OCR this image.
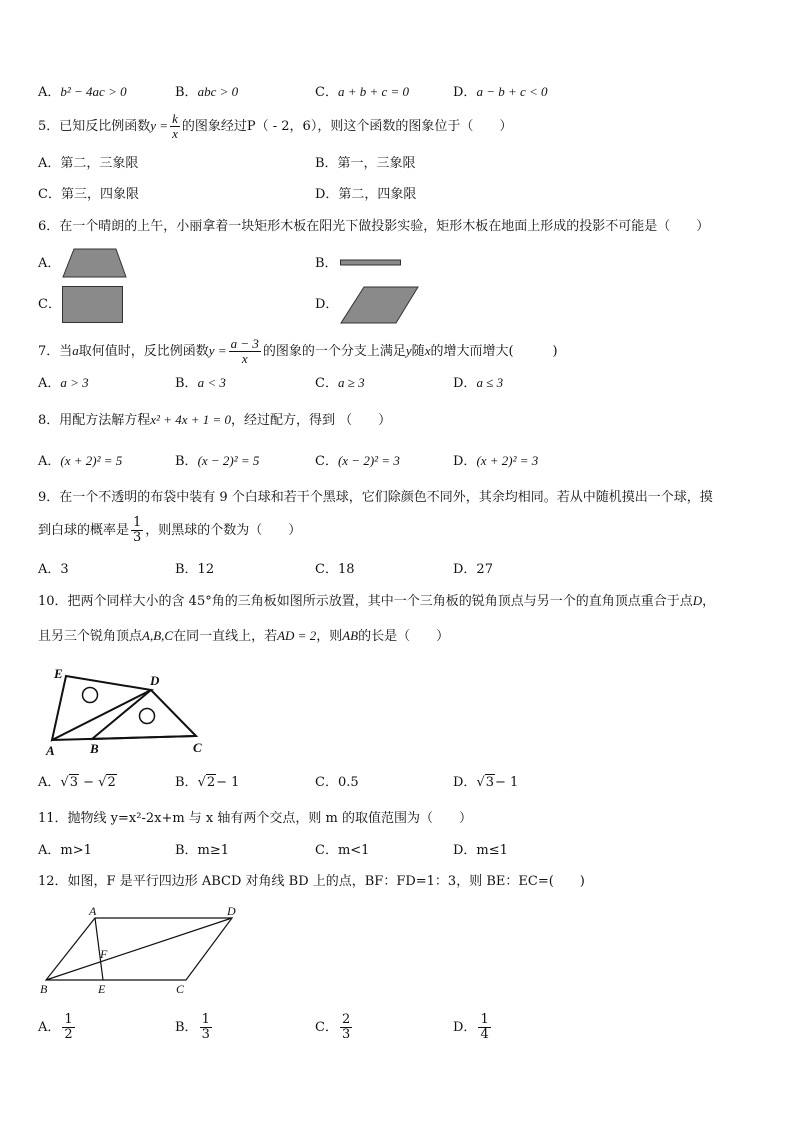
A．b² − 4ac > 0	B．abc > 0	C．a + b + c = 0	D．a − b + c < 0
5．已知反比例函数$y = \frac{k}{x}$ 的图象经过P（ - 2，6），则这个函数的图象位于（　　）
A．第二，三象限	B．第一，三象限
C．第三，四象限	D．第二，四象限
6．在一个晴朗的上午，小丽拿着一块矩形木板在阳光下做投影实验，矩形木板在地面上形成的投影不可能是（　　）
A．	B．
C．	D．
7．当a取何值时，反比例函数$y = \frac{a - 3}{x}$ 的图象的一个分支上满足y随x的增大而增大(　　　)
A．a > 3	B．a < 3	C．a ≥ 3	D．a ≤ 3
8．用配方法解方程x² + 4x + 1 = 0，经过配方，得到 （　　）
A．(x + 2)² = 5	B．(x − 2)² = 5	C．(x − 2)² = 3	D．(x + 2)² = 3
9．在一个不透明的布袋中装有 9 个白球和若干个黑球，它们除颜色不同外，其余均相同。若从中随机摸出一个球，摸
到白球的概率是 $\frac{1}{3}$ ，则黑球的个数为（　　）
A．3	B．12	C．18	D．27
10．把两个同样大小的含 45°角的三角板如图所示放置，其中一个三角板的锐角顶点与另一个的直角顶点重合于点D，
且另三个锐角顶点A,B,C在同一直线上，若AD = 2，则AB的长是（　　）
E	D
A	B	C
A．√3 − √2	B．√2− 1	C．0.5	D．√3− 1
11．抛物线 y=x²-2x+m 与 x 轴有两个交点，则 m 的取值范围为（　　）
A．m>1	B．m≥1	C．m<1	D．m≤1
12．如图，F 是平行四边形 ABCD 对角线 BD 上的点，BF：FD=1：3，则 BE：EC=(　　)
A	D
F
B	E	C
A． $\frac{1}{2}$	B． $\frac{1}{3}$	C． $\frac{2}{3}$	D． $\frac{1}{4}$
